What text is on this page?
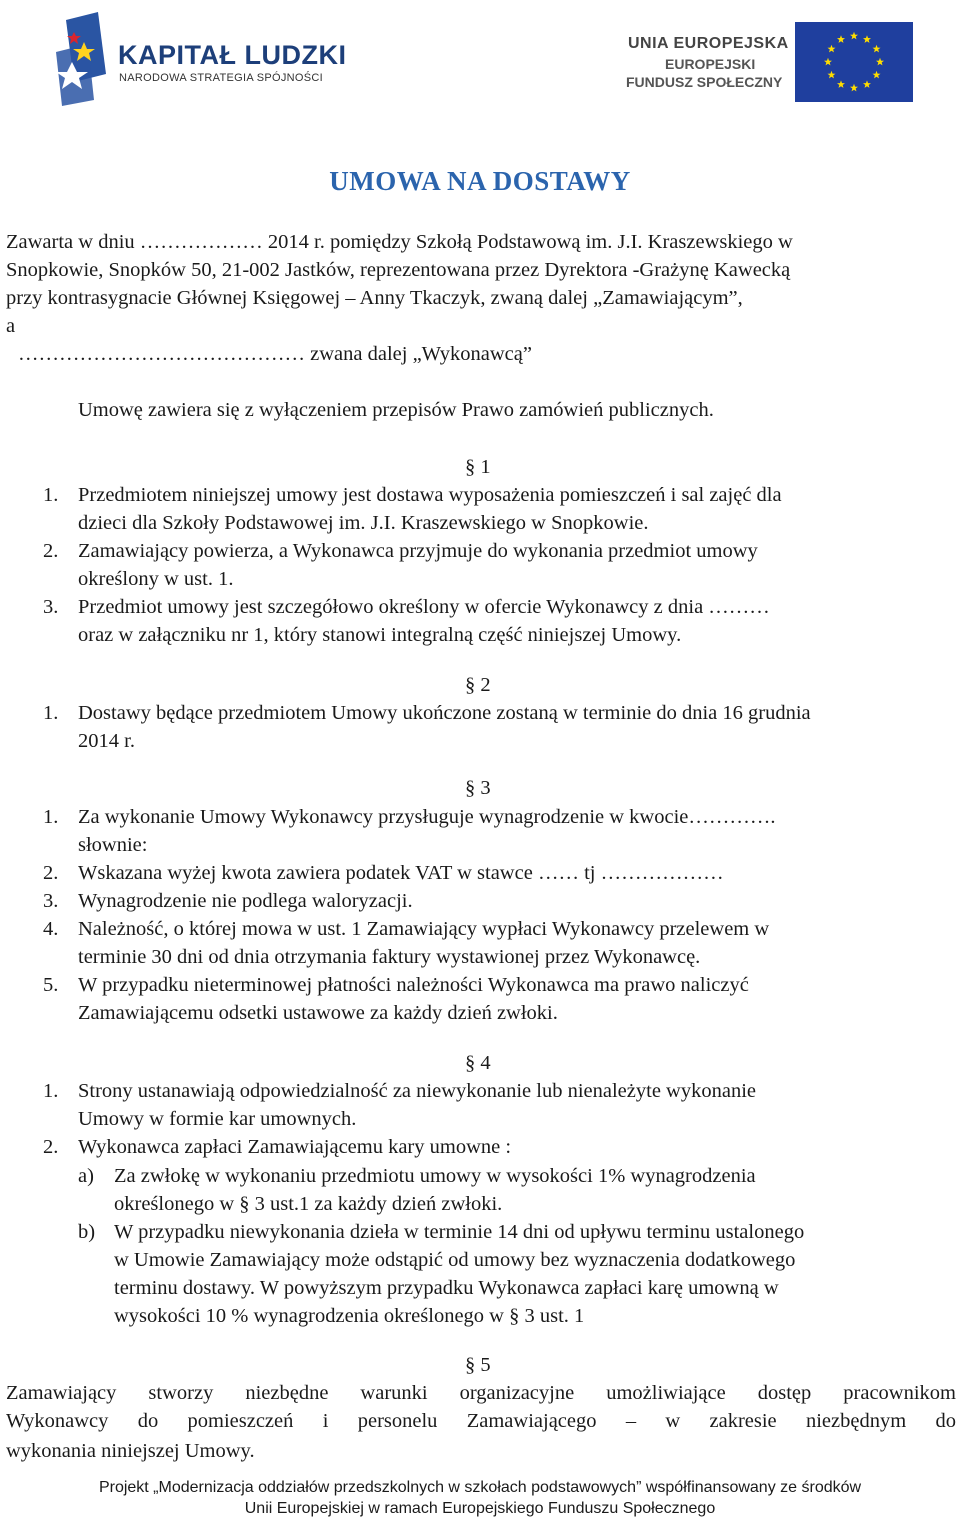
KAPITAŁ LUDZKI
NARODOWA STRATEGIA SPÓJNOŚCI
UNIA EUROPEJSKA
EUROPEJSKI
FUNDUSZ SPOŁECZNY
UMOWA NA DOSTAWY
Zawarta w dniu ……………… 2014 r. pomiędzy Szkołą Podstawową im. J.I. Kraszewskiego w
Snopkowie, Snopków 50, 21-002 Jastków, reprezentowana przez Dyrektora -Grażynę Kawecką
przy kontrasygnacie Głównej Księgowej – Anny Tkaczyk, zwaną dalej „Zamawiającym”,
a
…………………………………… zwana dalej „Wykonawcą”
Umowę zawiera się z wyłączeniem przepisów Prawo zamówień publicznych.
§ 1
1. Przedmiotem niniejszej umowy jest dostawa wyposażenia pomieszczeń i sal zajęć dla
dzieci dla Szkoły Podstawowej im. J.I. Kraszewskiego w Snopkowie.
2. Zamawiający powierza, a Wykonawca przyjmuje do wykonania przedmiot umowy
określony w ust. 1.
3. Przedmiot umowy jest szczegółowo określony w ofercie Wykonawcy z dnia ………
oraz w załączniku nr 1, który stanowi integralną część niniejszej Umowy.
§ 2
1. Dostawy będące przedmiotem Umowy ukończone zostaną w terminie do dnia 16 grudnia
2014 r.
§ 3
1. Za wykonanie Umowy Wykonawcy przysługuje wynagrodzenie w kwocie………….
słownie:
2. Wskazana wyżej kwota zawiera podatek VAT w stawce …… tj ………………
3. Wynagrodzenie nie podlega waloryzacji.
4. Należność, o której mowa w ust. 1 Zamawiający wypłaci Wykonawcy przelewem w
terminie 30 dni od dnia otrzymania faktury wystawionej przez Wykonawcę.
5. W przypadku nieterminowej płatności należności Wykonawca ma prawo naliczyć
Zamawiającemu odsetki ustawowe za każdy dzień zwłoki.
§ 4
1. Strony ustanawiają odpowiedzialność za niewykonanie lub nienależyte wykonanie
Umowy w formie kar umownych.
2. Wykonawca zapłaci Zamawiającemu kary umowne :
a) Za zwłokę w wykonaniu przedmiotu umowy w wysokości 1% wynagrodzenia
określonego w § 3 ust.1 za każdy dzień zwłoki.
b) W przypadku niewykonania dzieła w terminie 14 dni od upływu terminu ustalonego
w Umowie Zamawiający może odstąpić od umowy bez wyznaczenia dodatkowego
terminu dostawy. W powyższym przypadku Wykonawca zapłaci karę umowną w
wysokości 10 % wynagrodzenia określonego w § 3 ust. 1
§ 5
Zamawiający stworzy niezbędne warunki organizacyjne umożliwiające dostęp pracownikom
Wykonawcy do pomieszczeń i personelu Zamawiającego – w zakresie niezbędnym do
wykonania niniejszej Umowy.
Projekt „Modernizacja oddziałów przedszkolnych w szkołach podstawowych” współfinansowany ze środków
Unii Europejskiej w ramach Europejskiego Funduszu Społecznego
